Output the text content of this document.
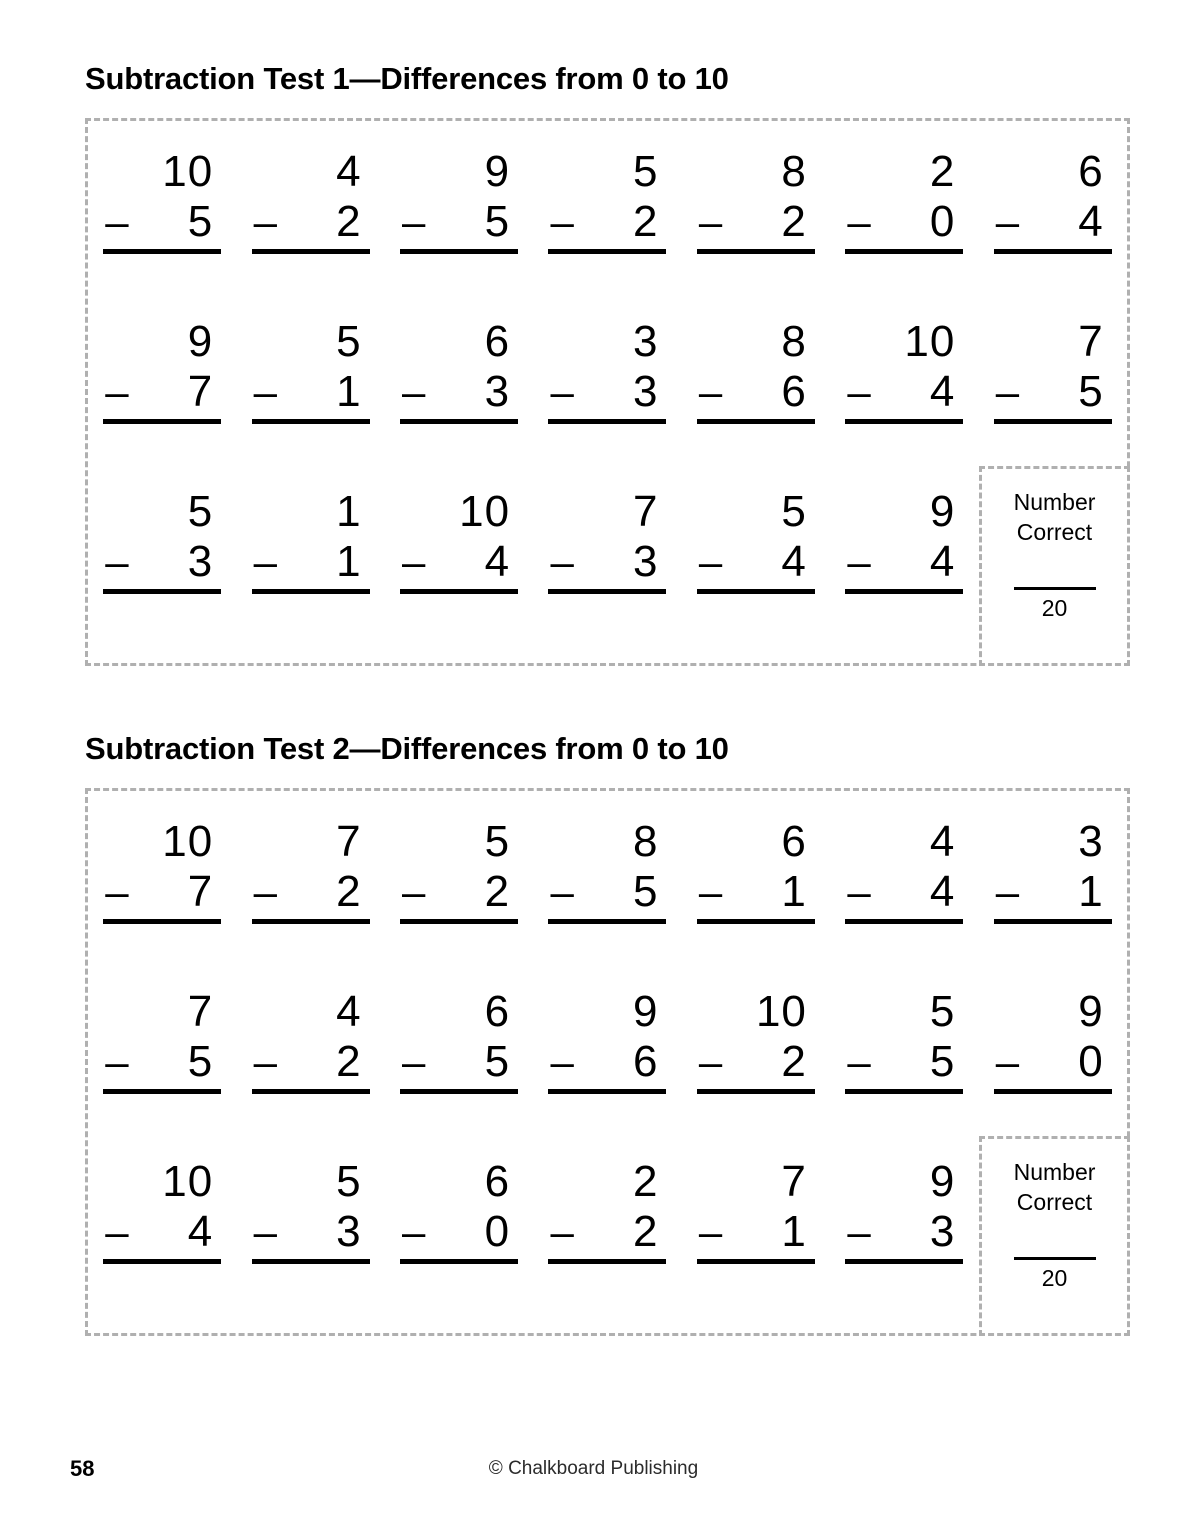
Subtraction Test 1—Differences from 0 to 10
10
– 5
4
– 2
9
– 5
5
– 2
8
– 2
2
– 0
6
– 4
9
– 7
5
– 1
6
– 3
3
– 3
8
– 6
10
– 4
7
– 5
5
– 3
1
– 1
10
– 4
7
– 3
5
– 4
9
– 4
Number
Correct
20
Subtraction Test 2—Differences from 0 to 10
10
– 7
7
– 2
5
– 2
8
– 5
6
– 1
4
– 4
3
– 1
7
– 5
4
– 2
6
– 5
9
– 6
10
– 2
5
– 5
9
– 0
10
– 4
5
– 3
6
– 0
2
– 2
7
– 1
9
– 3
Number
Correct
20
58	© Chalkboard Publishing
